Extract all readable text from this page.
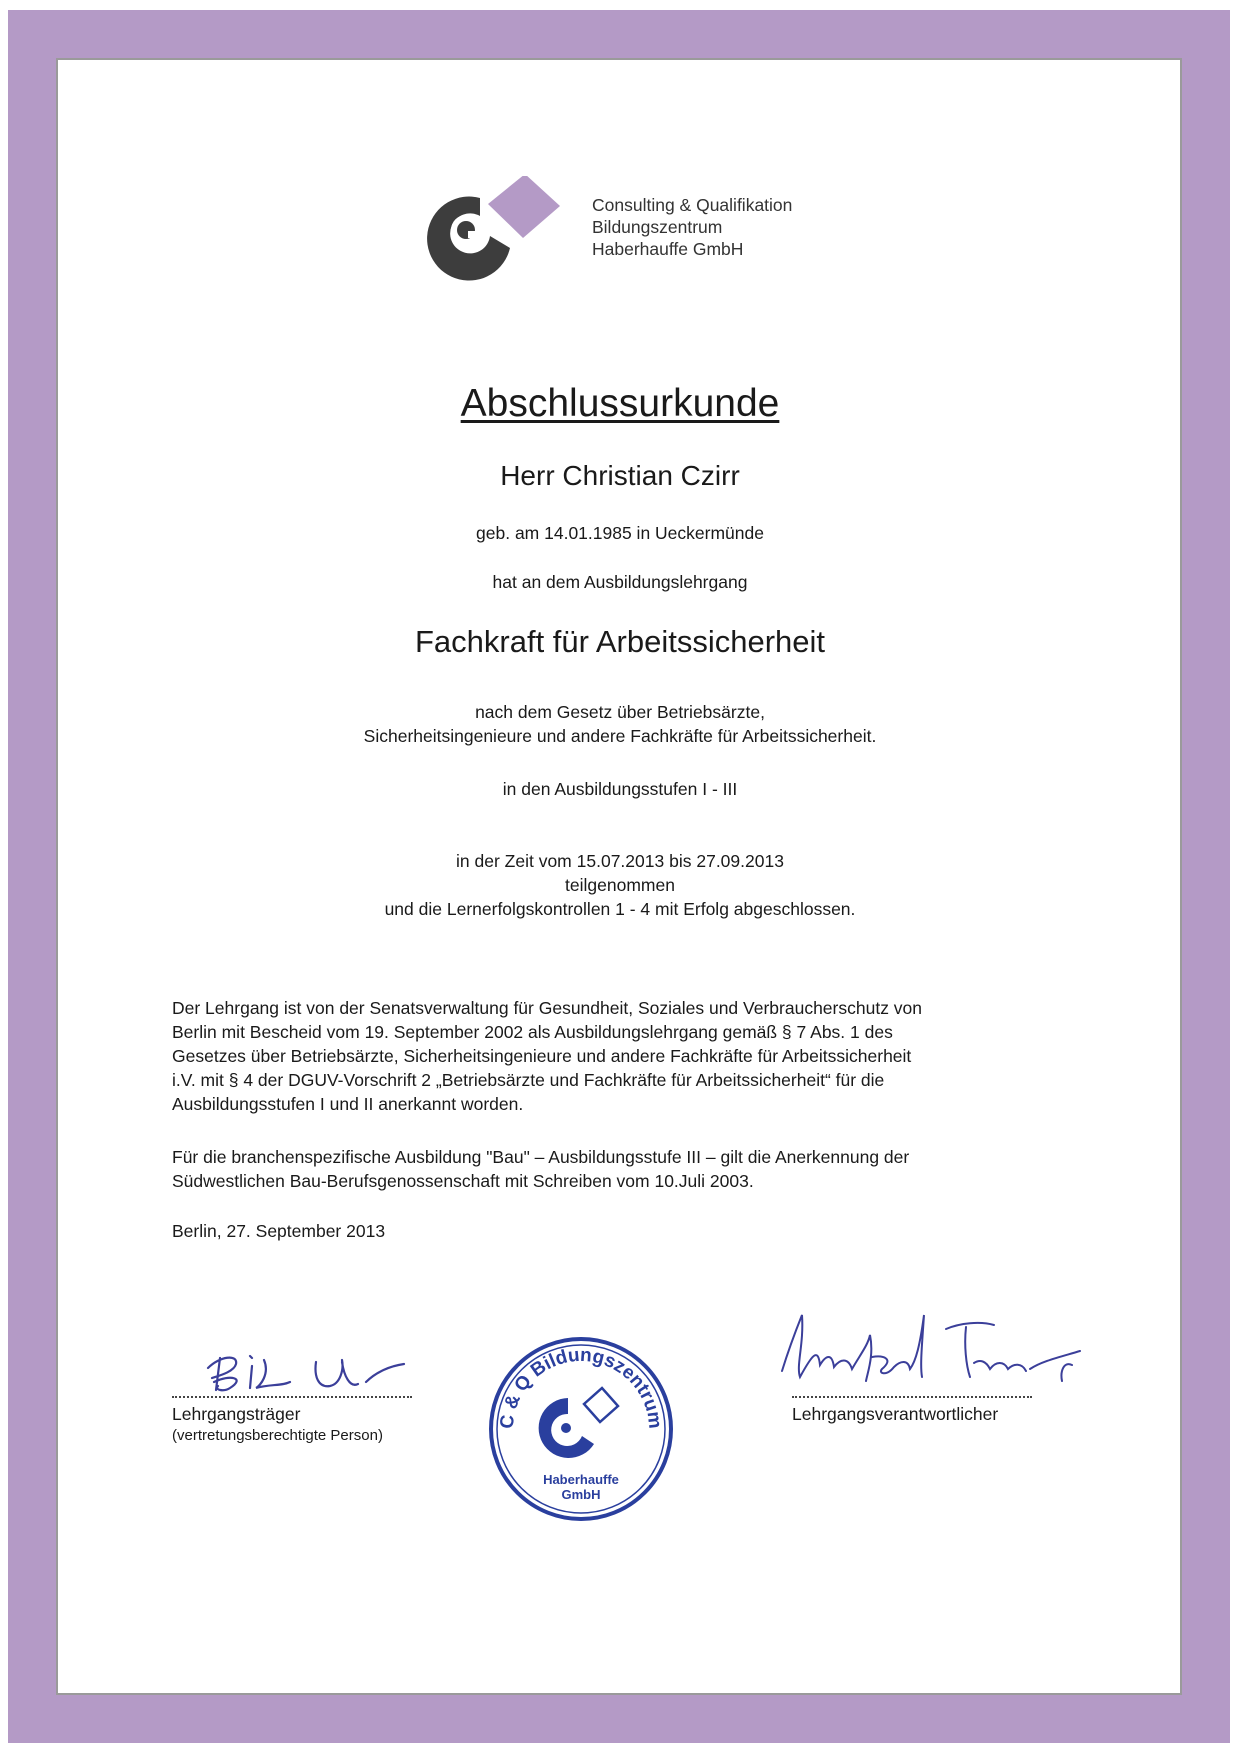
Consulting & Qualifikation
Bildungszentrum
Haberhauffe GmbH
Abschlussurkunde
Herr Christian Czirr
geb. am 14.01.1985 in Ueckermünde
hat an dem Ausbildungslehrgang
Fachkraft für Arbeitssicherheit
nach dem Gesetz über Betriebsärzte,
Sicherheitsingenieure und andere Fachkräfte für Arbeitssicherheit.
in den Ausbildungsstufen I - III
in der Zeit vom 15.07.2013 bis 27.09.2013
teilgenommen
und die Lernerfolgskontrollen 1 - 4 mit Erfolg abgeschlossen.
Der Lehrgang ist von der Senatsverwaltung für Gesundheit, Soziales und Verbraucherschutz von
Berlin mit Bescheid vom 19. September 2002 als Ausbildungslehrgang gemäß § 7 Abs. 1 des
Gesetzes über Betriebsärzte, Sicherheitsingenieure und andere Fachkräfte für Arbeitssicherheit
i.V. mit § 4 der DGUV-Vorschrift 2 „Betriebsärzte und Fachkräfte für Arbeitssicherheit“ für die
Ausbildungsstufen I und II anerkannt worden.
Für die branchenspezifische Ausbildung "Bau" – Ausbildungsstufe III – gilt die Anerkennung der
Südwestlichen Bau-Berufsgenossenschaft mit Schreiben vom 10.Juli 2003.
Berlin, 27. September 2013
Lehrgangsträger
(vertretungsberechtigte Person)
Lehrgangsverantwortlicher
C & Q Bildungszentrum
Haberhauffe
GmbH
